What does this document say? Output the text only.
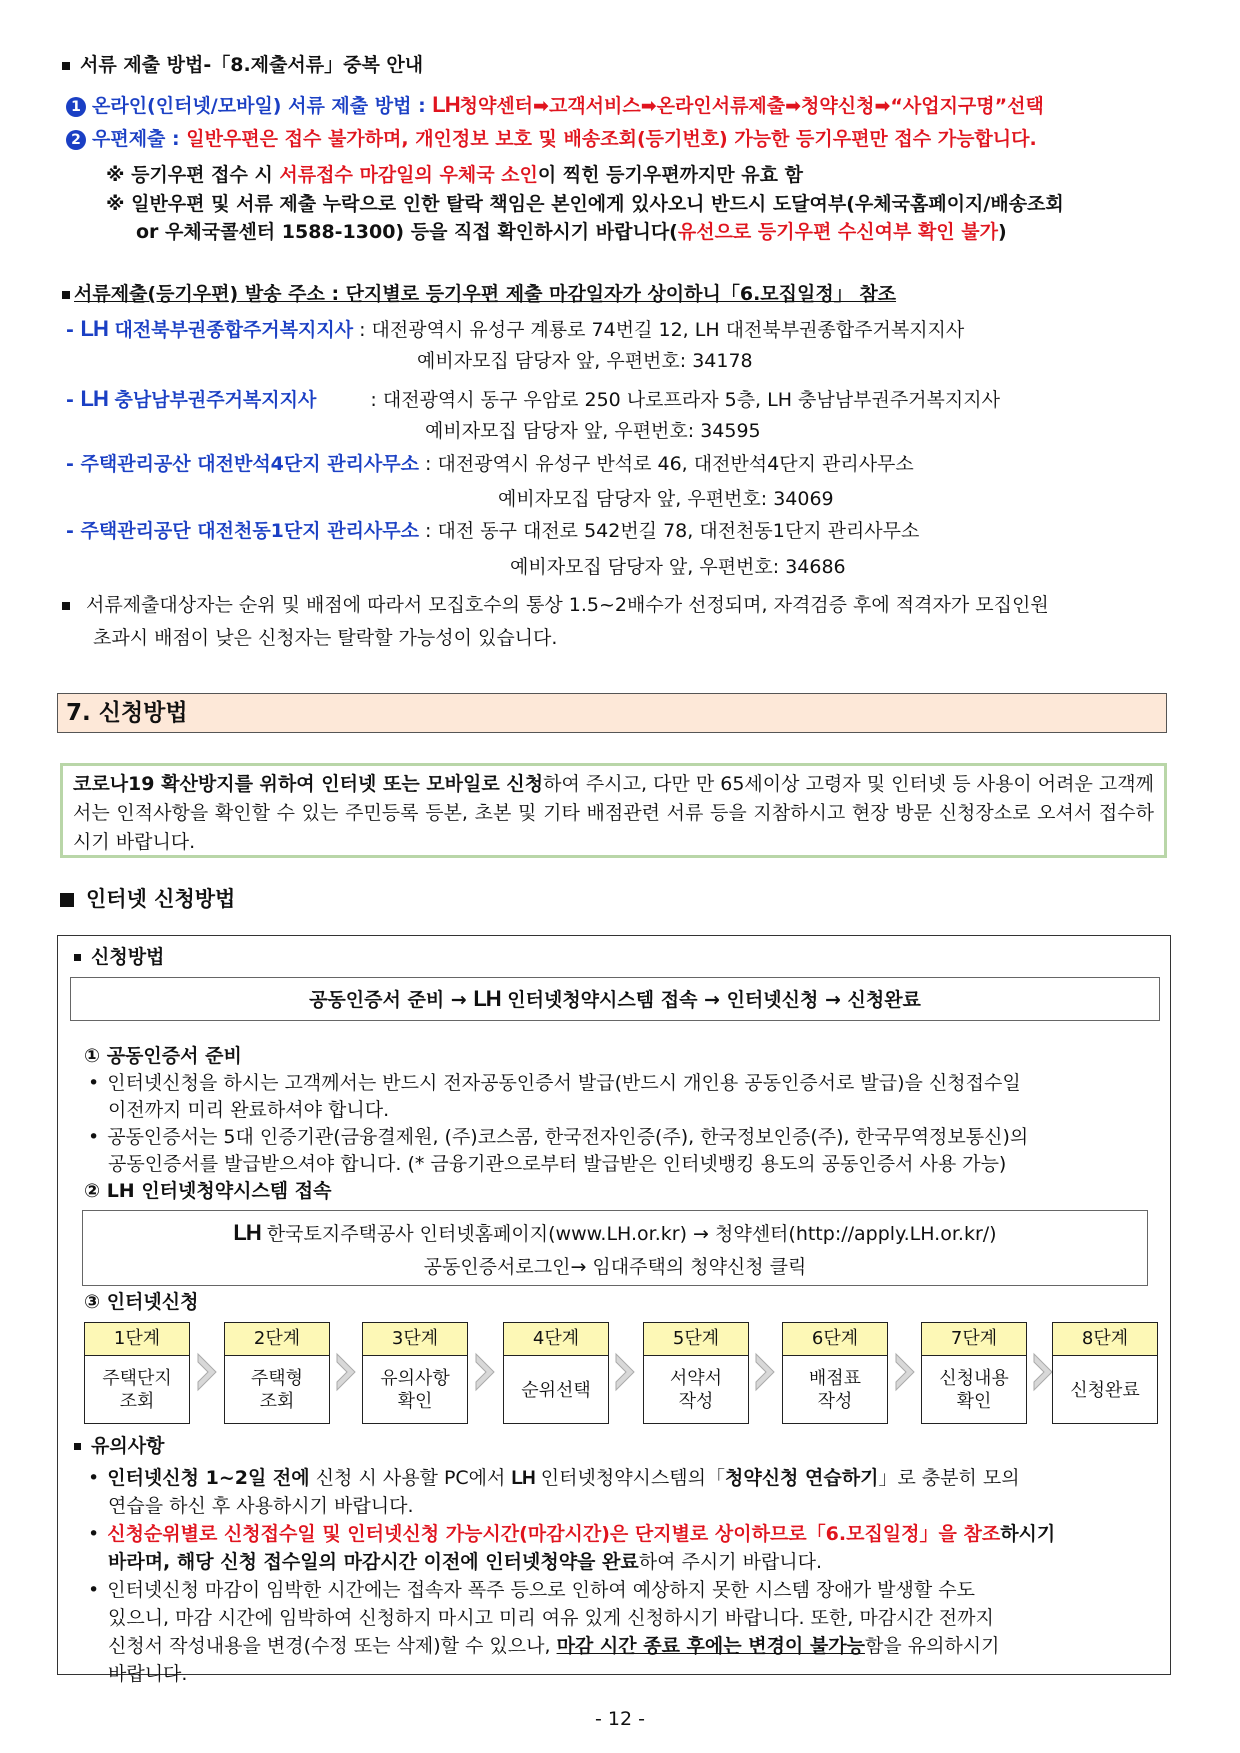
서류 제출 방법-「8.제출서류」중복 안내
1 온라인(인터넷/모바일) 서류 제출 방법 : LH청약센터➡고객서비스➡온라인서류제출➡청약신청➡“사업지구명”선택
2 우편제출 : 일반우편은 접수 불가하며, 개인정보 보호 및 배송조회(등기번호) 가능한 등기우편만 접수 가능합니다.
※ 등기우편 접수 시 서류접수 마감일의 우체국 소인이 찍힌 등기우편까지만 유효 함
※ 일반우편 및 서류 제출 누락으로 인한 탈락 책임은 본인에게 있사오니 반드시 도달여부(우체국홈페이지/배송조회
or 우체국콜센터 1588-1300) 등을 직접 확인하시기 바랍니다(유선으로 등기우편 수신여부 확인 불가)
서류제출(등기우편) 발송 주소 : 단지별로 등기우편 제출 마감일자가 상이하니「6.모집일정」 참조
- LH 대전북부권종합주거복지지사 : 대전광역시 유성구 계룡로 74번길 12, LH 대전북부권종합주거복지지사
예비자모집 담당자 앞, 우편번호: 34178
- LH 충남남부권주거복지지사	: 대전광역시 동구 우암로 250 나로프라자 5층, LH 충남남부권주거복지지사
예비자모집 담당자 앞, 우편번호: 34595
- 주택관리공산 대전반석4단지 관리사무소 : 대전광역시 유성구 반석로 46, 대전반석4단지 관리사무소
예비자모집 담당자 앞, 우편번호: 34069
- 주택관리공단 대전천동1단지 관리사무소 : 대전 동구 대전로 542번길 78, 대전천동1단지 관리사무소
예비자모집 담당자 앞, 우편번호: 34686
서류제출대상자는 순위 및 배점에 따라서 모집호수의 통상 1.5~2배수가 선정되며, 자격검증 후에 적격자가 모집인원
초과시 배점이 낮은 신청자는 탈락할 가능성이 있습니다.
7. 신청방법
코로나19 확산방지를 위하여 인터넷 또는 모바일로 신청하여 주시고, 다만 만 65세이상 고령자 및 인터넷 등 사용이 어려운 고객께서는 인적사항을 확인할 수 있는 주민등록 등본, 초본 및 기타 배점관련 서류 등을 지참하시고 현장 방문 신청장소로 오셔서 접수하시기 바랍니다.
인터넷 신청방법
신청방법
공동인증서 준비 → LH 인터넷청약시스템 접속 → 인터넷신청 → 신청완료
① 공동인증서 준비
• 인터넷신청을 하시는 고객께서는 반드시 전자공동인증서 발급(반드시 개인용 공동인증서로 발급)을 신청접수일
이전까지 미리 완료하셔야 합니다.
• 공동인증서는 5대 인증기관(금융결제원, (주)코스콤, 한국전자인증(주), 한국정보인증(주), 한국무역정보통신)의
공동인증서를 발급받으셔야 합니다. (* 금융기관으로부터 발급받은 인터넷뱅킹 용도의 공동인증서 사용 가능)
② LH 인터넷청약시스템 접속
LH 한국토지주택공사 인터넷홈페이지(www.LH.or.kr) → 청약센터(http://apply.LH.or.kr/)
공동인증서로그인→ 임대주택의 청약신청 클릭
③ 인터넷신청
1단계
주택단지
조회
2단계
주택형
조회
3단계
유의사항
확인
4단계
순위선택
5단계
서약서
작성
6단계
배점표
작성
7단계
신청내용
확인
8단계
신청완료
유의사항
• 인터넷신청 1~2일 전에 신청 시 사용할 PC에서 LH 인터넷청약시스템의「청약신청 연습하기」로 충분히 모의
연습을 하신 후 사용하시기 바랍니다.
• 신청순위별로 신청접수일 및 인터넷신청 가능시간(마감시간)은 단지별로 상이하므로「6.모집일정」을 참조하시기
바라며, 해당 신청 접수일의 마감시간 이전에 인터넷청약을 완료하여 주시기 바랍니다.
• 인터넷신청 마감이 임박한 시간에는 접속자 폭주 등으로 인하여 예상하지 못한 시스템 장애가 발생할 수도
있으니, 마감 시간에 임박하여 신청하지 마시고 미리 여유 있게 신청하시기 바랍니다. 또한, 마감시간 전까지
신청서 작성내용을 변경(수정 또는 삭제)할 수 있으나, 마감 시간 종료 후에는 변경이 불가능함을 유의하시기
바랍니다.
- 12 -
